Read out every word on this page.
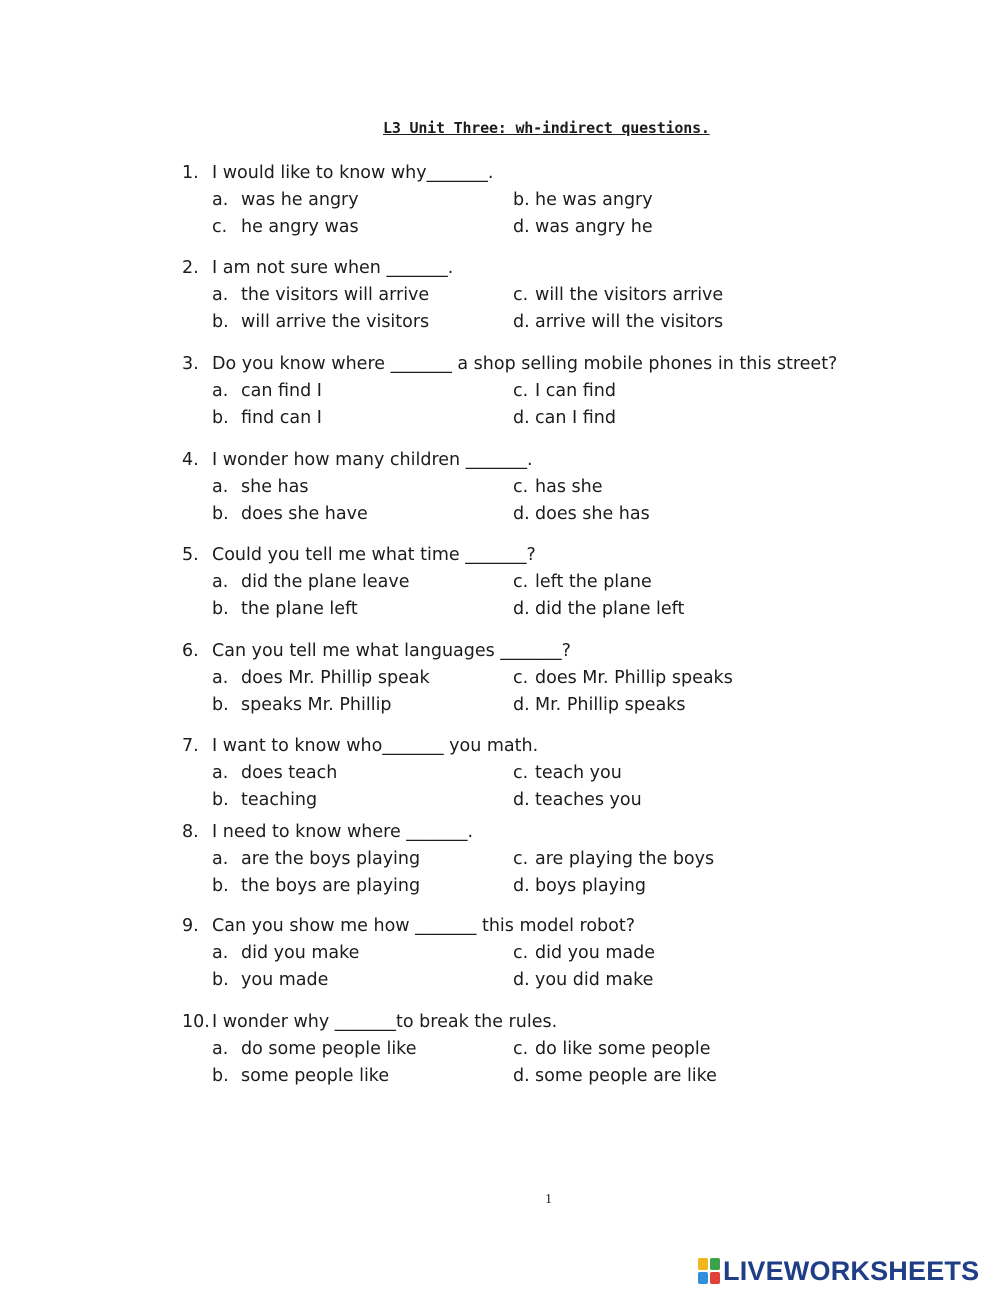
L3 Unit Three: wh-indirect questions.
1. I would like to know why_______.
a. was he angry	b. he was angry
c. he angry was	d. was angry he
2. I am not sure when _______.
a. the visitors will arrive	c. will the visitors arrive
b. will arrive the visitors	d. arrive will the visitors
3. Do you know where _______ a shop selling mobile phones in this street?
a. can find I	c. I can find
b. find can I	d. can I find
4. I wonder how many children _______.
a. she has	c. has she
b. does she have	d. does she has
5. Could you tell me what time _______?
a. did the plane leave	c. left the plane
b. the plane left	d. did the plane left
6. Can you tell me what languages _______?
a. does Mr. Phillip speak	c. does Mr. Phillip speaks
b. speaks Mr. Phillip	d. Mr. Phillip speaks
7. I want to know who_______ you math.
a. does teach	c. teach you
b. teaching	d. teaches you
8. I need to know where _______.
a. are the boys playing	c. are playing the boys
b. the boys are playing	d. boys playing
9. Can you show me how _______ this model robot?
a. did you make	c. did you made
b. you made	d. you did make
10. I wonder why _______to break the rules.
a. do some people like	c. do like some people
b. some people like	d. some people are like
1
LIVEWORKSHEETS
